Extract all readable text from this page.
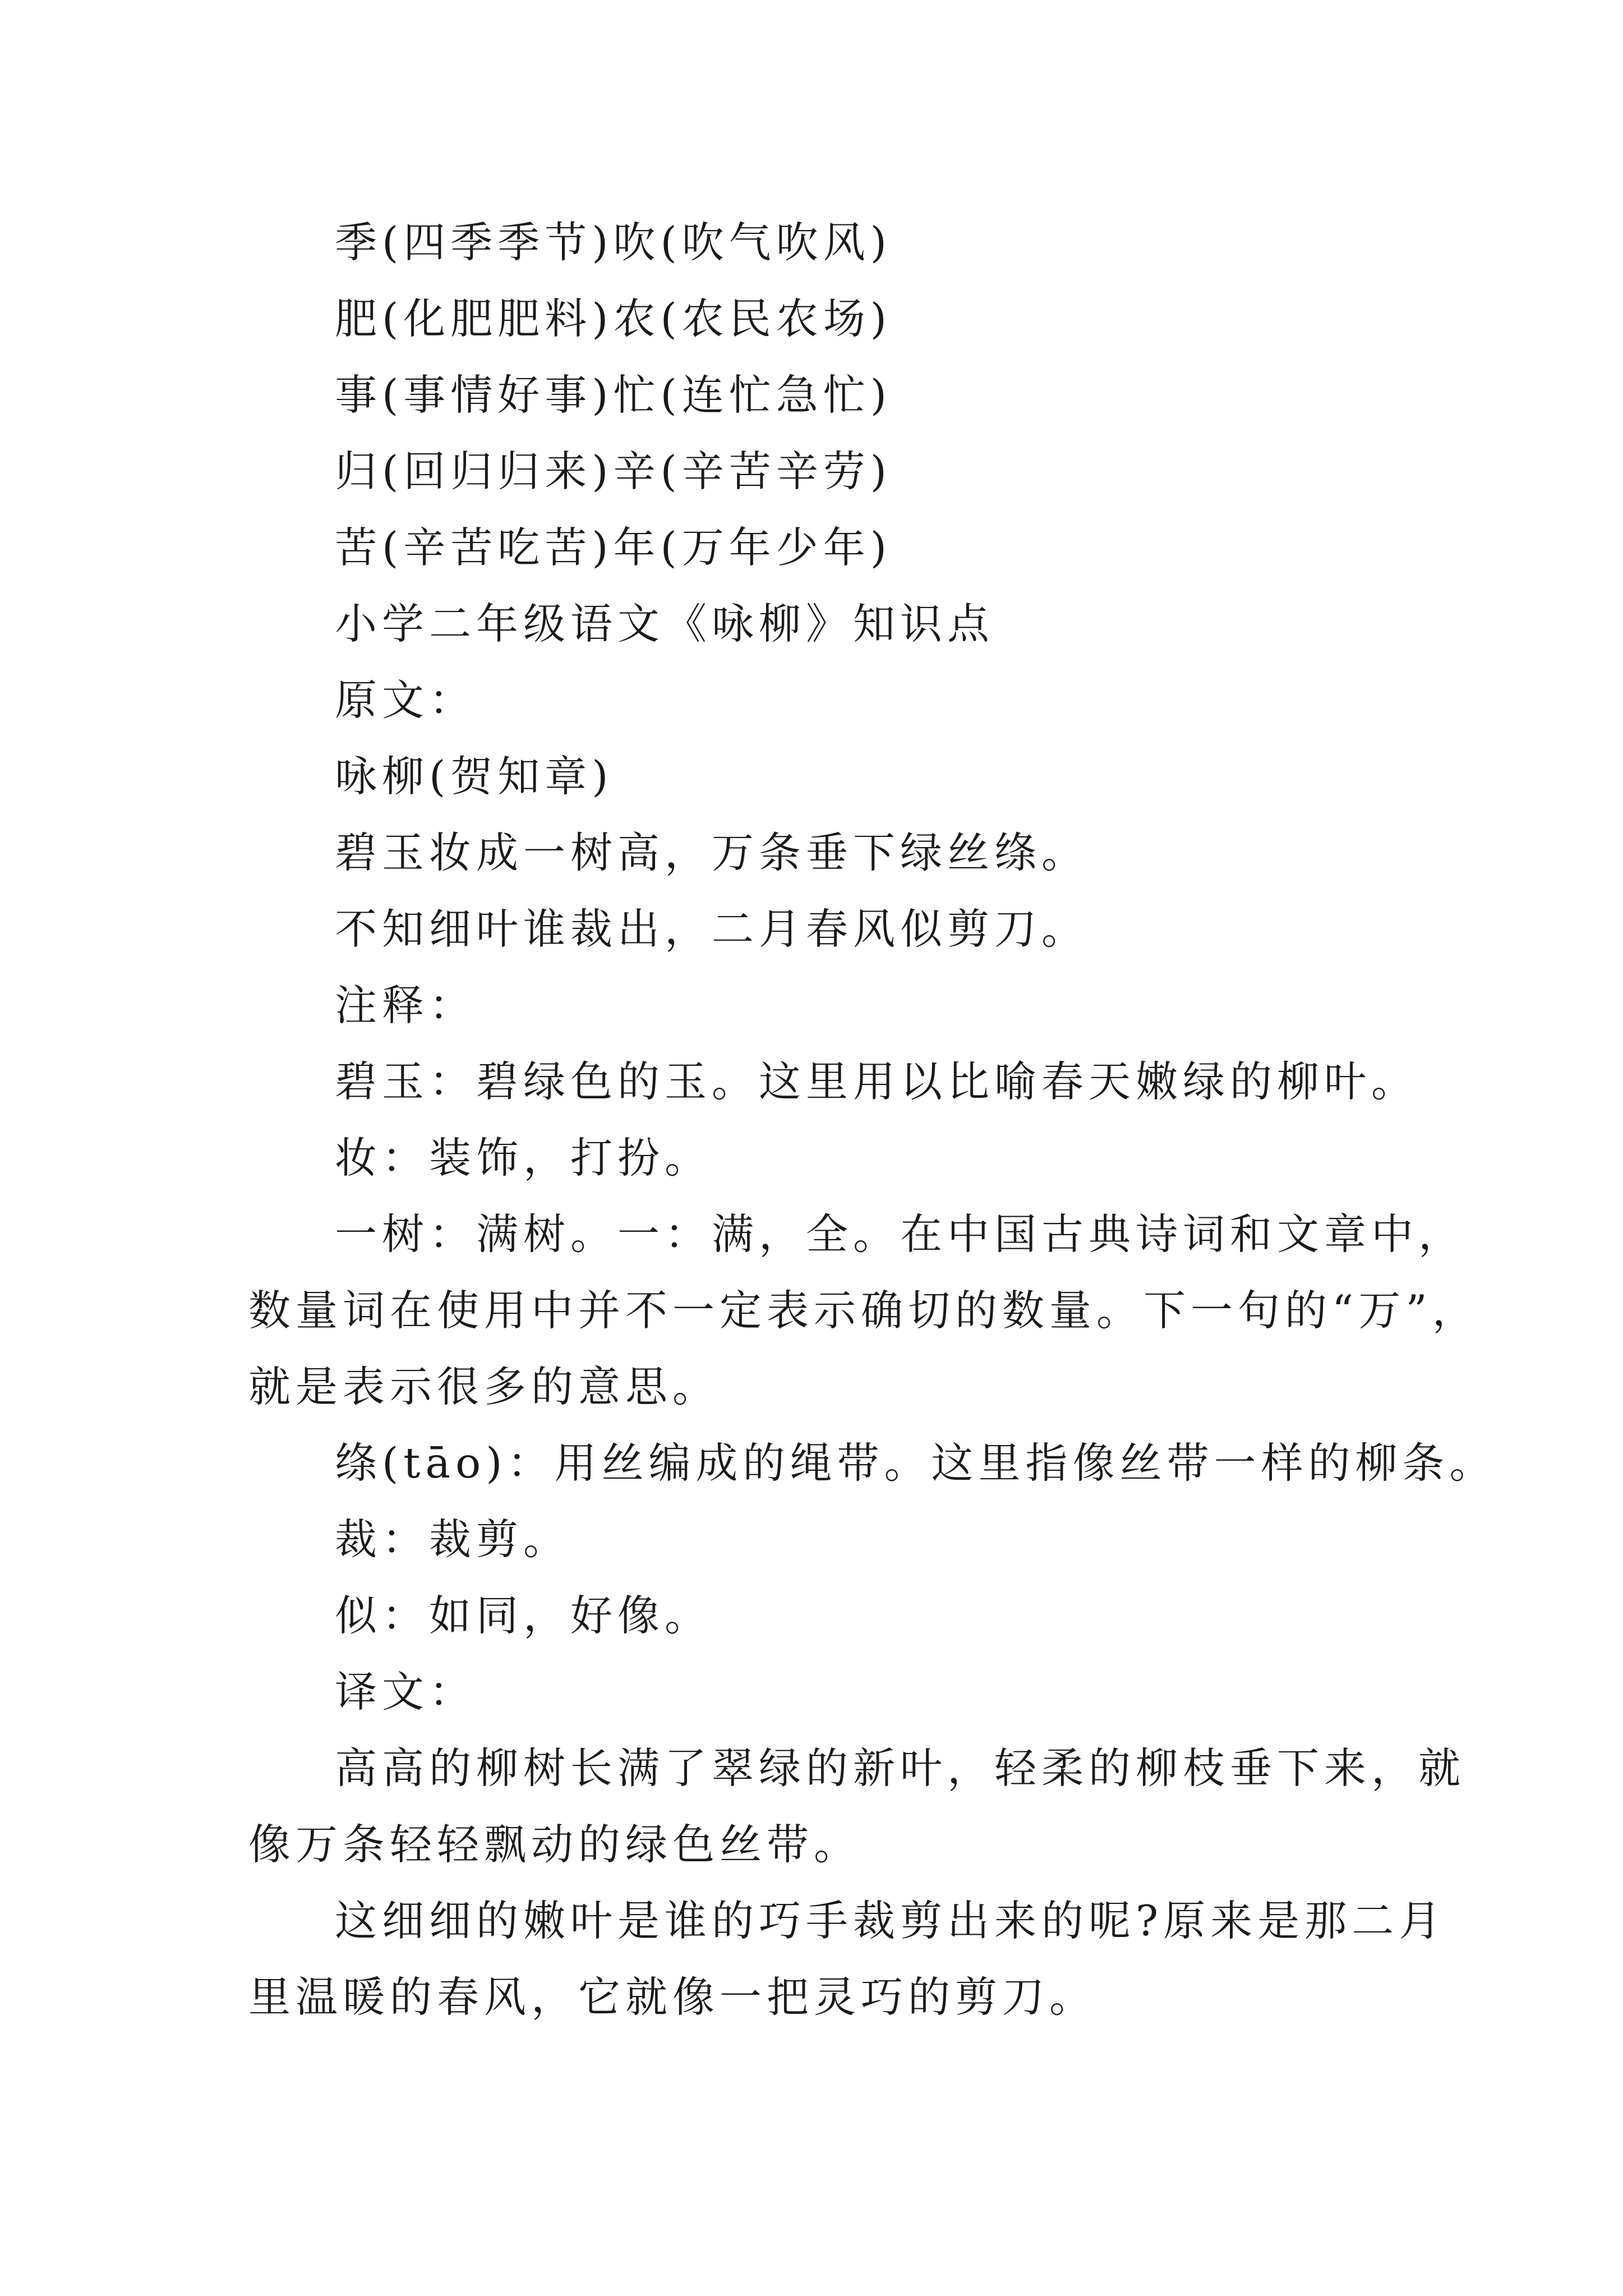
季(四季季节)吹(吹气吹风)
肥(化肥肥料)农(农民农场)
事(事情好事)忙(连忙急忙)
归(回归归来)辛(辛苦辛劳)
苦(辛苦吃苦)年(万年少年)
小学二年级语文《咏柳》知识点
原文：
咏柳(贺知章)
碧玉妆成一树高，万条垂下绿丝绦。
不知细叶谁裁出，二月春风似剪刀。
注释：
碧玉：碧绿色的玉。这里用以比喻春天嫩绿的柳叶。
妆：装饰，打扮。
一树：满树。一：满，全。在中国古典诗词和文章中，
数量词在使用中并不一定表示确切的数量。下一句的“万”，
就是表示很多的意思。
绦(tāo)：用丝编成的绳带。这里指像丝带一样的柳条。
裁：裁剪。
似：如同，好像。
译文：
高高的柳树长满了翠绿的新叶，轻柔的柳枝垂下来，就
像万条轻轻飘动的绿色丝带。
这细细的嫩叶是谁的巧手裁剪出来的呢?原来是那二月
里温暖的春风，它就像一把灵巧的剪刀。
